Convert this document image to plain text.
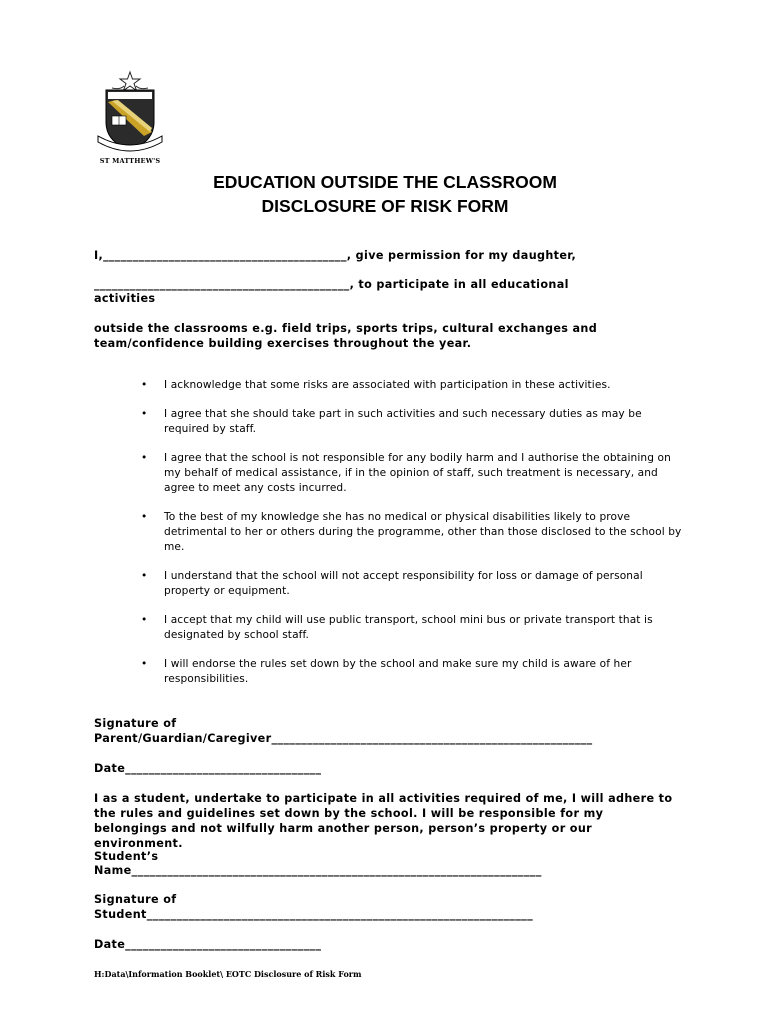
ST MATTHEW'S
EDUCATION OUTSIDE THE CLASSROOM
DISCLOSURE OF RISK FORM
I,_________________________________________, give permission for my daughter,
___________________________________________, to participate in all educational
activities
outside the classrooms e.g. field trips, sports trips, cultural exchanges and team/confidence building exercises throughout the year.
• I acknowledge that some risks are associated with participation in these activities.
• I agree that she should take part in such activities and such necessary duties as may be required by staff.
• I agree that the school is not responsible for any bodily harm and I authorise the obtaining on my behalf of medical assistance, if in the opinion of staff, such treatment is necessary, and agree to meet any costs incurred.
• To the best of my knowledge she has no medical or physical disabilities likely to prove detrimental to her or others during the programme, other than those disclosed to the school by me.
• I understand that the school will not accept responsibility for loss or damage of personal property or equipment.
• I accept that my child will use public transport, school mini bus or private transport that is designated by school staff.
• I will endorse the rules set down by the school and make sure my child is aware of her responsibilities.
Signature of
Parent/Guardian/Caregiver______________________________________________________
Date_________________________________
I as a student, undertake to participate in all activities required of me, I will adhere to the rules and guidelines set down by the school. I will be responsible for my belongings and not wilfully harm another person, person’s property or our environment.
Student’s
Name_____________________________________________________________________
Signature of
Student_________________________________________________________________
Date_________________________________
H:Data\Information Booklet\ EOTC Disclosure of Risk Form
